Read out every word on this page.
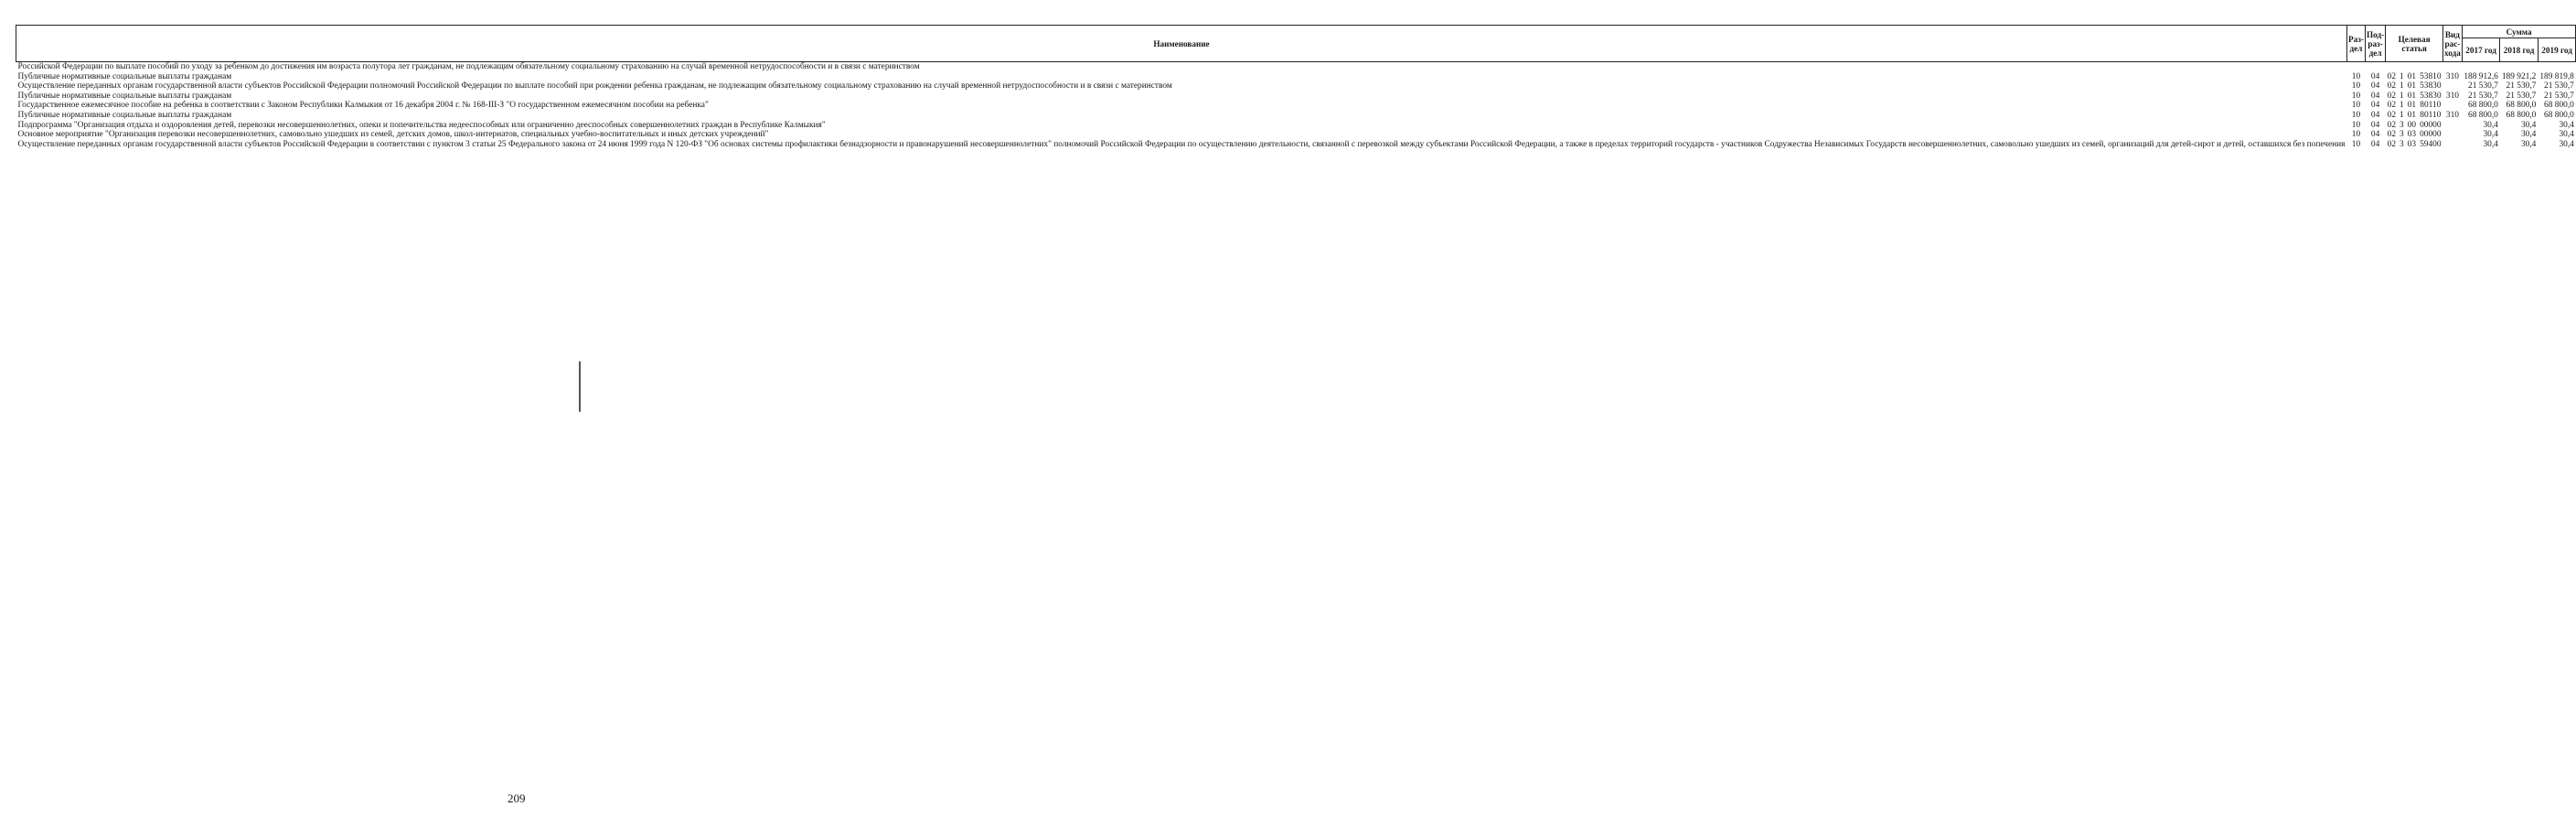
Наименование	Раз- дел	Под- раз- дел	Целевая статья				Вид рас- хода	Сумма		
								2017 год	2018 год	2019 год
Российской Федерации по выплате пособий по уходу за ребенком до достижения им возраста полутора лет гражданам, не подлежащим обязательному социальному страхованию на случай временной нетрудоспособности и в связи с материнством										
Публичные нормативные социальные выплаты гражданам	10	04	02	1	01	53810	310	188 912,6	189 921,2	189 819,8
Осуществление переданных органам государственной власти субъектов Российской Федерации полномочий Российской Федерации по выплате пособий при рождении ребенка гражданам, не подлежащим обязательному социальному страхованию на случай временной нетрудоспособности и в связи с материнством	10	04	02	1	01	53830		21 530,7	21 530,7	21 530,7
Публичные нормативные социальные выплаты гражданам	10	04	02	1	01	53830	310	21 530,7	21 530,7	21 530,7
Государственное ежемесячное пособие на ребенка в соответствии с Законом Республики Калмыкия от 16 декабря 2004 г. № 168-III-З "О государственном ежемесячном пособии на ребенка"	10	04	02	1	01	80110		68 800,0	68 800,0	68 800,0
Публичные нормативные социальные выплаты гражданам	10	04	02	1	01	80110	310	68 800,0	68 800,0	68 800,0
Подпрограмма "Организация отдыха и оздоровления детей, перевозки несовершеннолетних, опеки и попечительства недееспособных или ограниченно дееспособных совершеннолетних граждан в Республике Калмыкия"	10	04	02	3	00	00000		30,4	30,4	30,4
Основное мероприятие "Организация перевозки несовершеннолетних, самовольно ушедших из семей, детских домов, школ-интернатов, специальных учебно-воспитательных и иных детских учреждений"	10	04	02	3	03	00000		30,4	30,4	30,4
Осуществление переданных органам государственной власти субъектов Российской Федерации в соответствии с пунктом 3 статьи 25 Федерального закона от 24 июня 1999 года N 120-ФЗ "Об основах системы профилактики безнадзорности и правонарушений несовершеннолетних" полномочий Российской Федерации по осуществлению деятельности, связанной с перевозкой между субъектами Российской Федерации, а также в пределах территорий государств - участников Содружества Независимых Государств несовершеннолетних, самовольно ушедших из семей, организаций для детей-сирот и детей, оставшихся без попечения	10	04	02	3	03	59400		30,4	30,4	30,4
209
